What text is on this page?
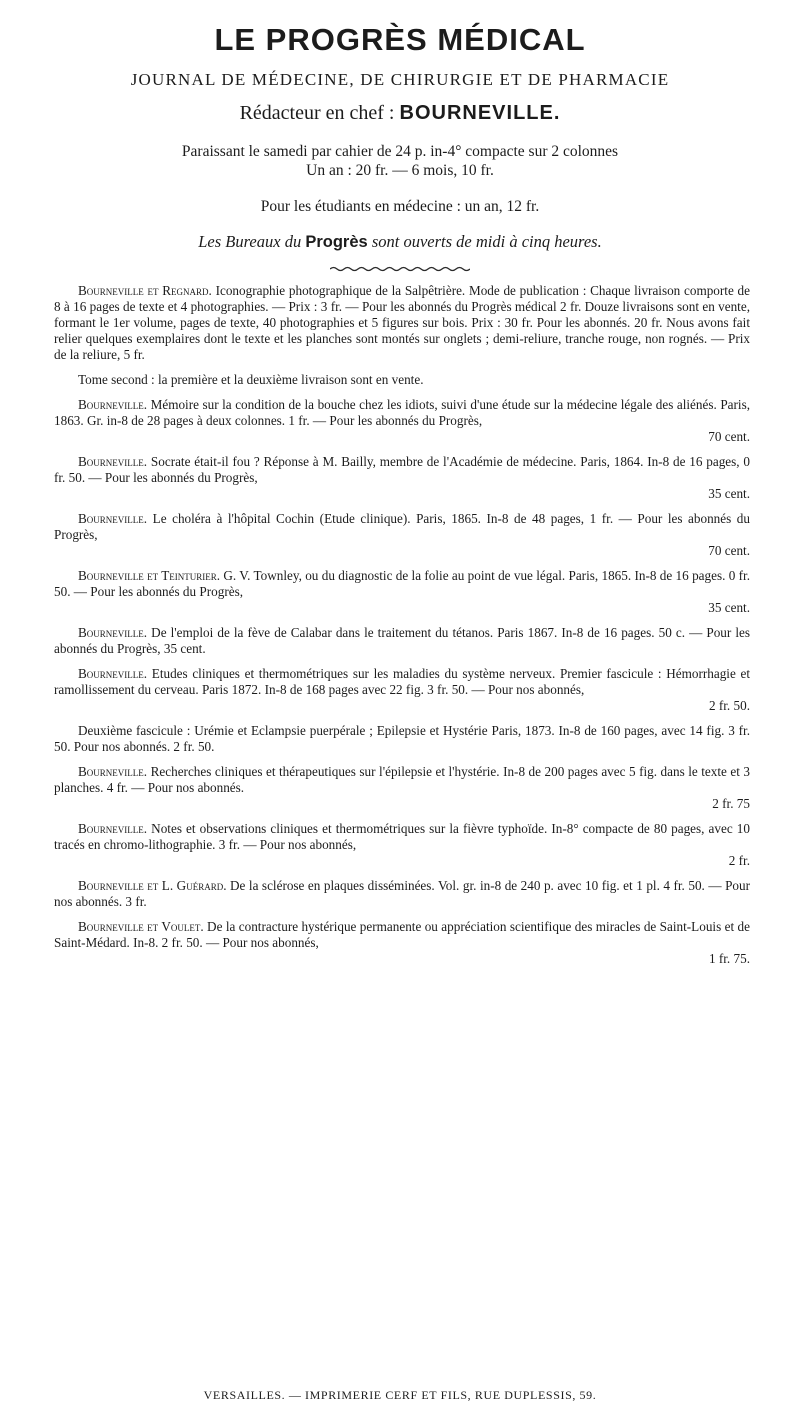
LE PROGRÈS MÉDICAL
JOURNAL DE MÉDECINE, DE CHIRURGIE ET DE PHARMACIE
Rédacteur en chef : BOURNEVILLE.
Paraissant le samedi par cahier de 24 p. in-4° compacte sur 2 colonnes
Un an : 20 fr. — 6 mois, 10 fr.
Pour les étudiants en médecine : un an, 12 fr.
Les Bureaux du Progrès sont ouverts de midi à cinq heures.

Bourneville et Regnard. Iconographie photographique de la Salpêtrière. Mode de publication : Chaque livraison comporte de 8 à 16 pages de texte et 4 photographies. — Prix : 3 fr. — Pour les abonnés du Progrès médical 2 fr. Douze livraisons sont en vente, formant le 1er volume, pages de texte, 40 photographies et 5 figures sur bois. Prix : 30 fr. Pour les abonnés. 20 fr. Nous avons fait relier quelques exemplaires dont le texte et les planches sont montés sur onglets ; demi-reliure, tranche rouge, non rognés. — Prix de la reliure, 5 fr.

Tome second : la première et la deuxième livraison sont en vente.

Bourneville. Mémoire sur la condition de la bouche chez les idiots, suivi d'une étude sur la médecine légale des aliénés. Paris, 1863. Gr. in-8 de 28 pages à deux colonnes. 1 fr. — Pour les abonnés du Progrès,
70 cent.

Bourneville. Socrate était-il fou ? Réponse à M. Bailly, membre de l'Académie de médecine. Paris, 1864. In-8 de 16 pages, 0 fr. 50. — Pour les abonnés du Progrès,
35 cent.

Bourneville. Le choléra à l'hôpital Cochin (Etude clinique). Paris, 1865. In-8 de 48 pages, 1 fr. — Pour les abonnés du Progrès,
70 cent.

Bourneville et Teinturier. G. V. Townley, ou du diagnostic de la folie au point de vue légal. Paris, 1865. In-8 de 16 pages. 0 fr. 50. — Pour les abonnés du Progrès,
35 cent.

Bourneville. De l'emploi de la fève de Calabar dans le traitement du tétanos. Paris 1867. In-8 de 16 pages. 50 c. — Pour les abonnés du Progrès, 35 cent.

Bourneville. Etudes cliniques et thermométriques sur les maladies du système nerveux. Premier fascicule : Hémorrhagie et ramollissement du cerveau. Paris 1872. In-8 de 168 pages avec 22 fig. 3 fr. 50. — Pour nos abonnés,
2 fr. 50.

Deuxième fascicule : Urémie et Eclampsie puerpérale ; Epilepsie et Hystérie Paris, 1873. In-8 de 160 pages, avec 14 fig. 3 fr. 50. Pour nos abonnés. 2 fr. 50.

Bourneville. Recherches cliniques et thérapeutiques sur l'épilepsie et l'hystérie. In-8 de 200 pages avec 5 fig. dans le texte et 3 planches. 4 fr. — Pour nos abonnés.
2 fr. 75

Bourneville. Notes et observations cliniques et thermométriques sur la fièvre typhoïde. In-8° compacte de 80 pages, avec 10 tracés en chromo-lithographie. 3 fr. — Pour nos abonnés,
2 fr.

Bourneville et L. Guérard. De la sclérose en plaques disséminées. Vol. gr. in-8 de 240 p. avec 10 fig. et 1 pl. 4 fr. 50. — Pour nos abonnés. 3 fr.

Bourneville et Voulet. De la contracture hystérique permanente ou appréciation scientifique des miracles de Saint-Louis et de Saint-Médard. In-8. 2 fr. 50. — Pour nos abonnés,
1 fr. 75.

VERSAILLES. — IMPRIMERIE CERF ET FILS, RUE DUPLESSIS, 59.
